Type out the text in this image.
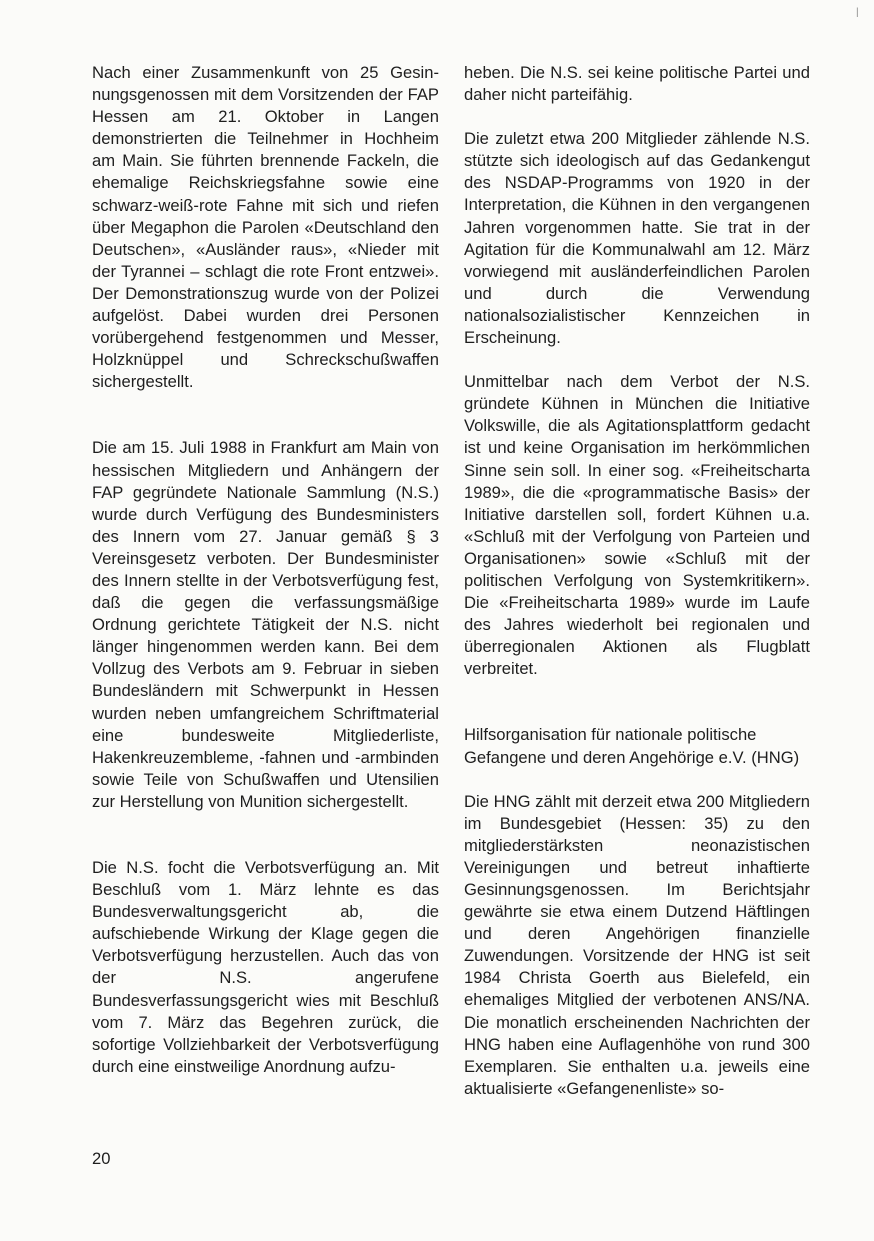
Nach einer Zusammenkunft von 25 Gesinnungsgenossen mit dem Vorsitzenden der FAP Hessen am 21. Oktober in Langen demonstrierten die Teilnehmer in Hochheim am Main. Sie führten brennende Fackeln, die ehemalige Reichskriegsfahne sowie eine schwarz-weiß-rote Fahne mit sich und riefen über Megaphon die Parolen «Deutschland den Deutschen», «Ausländer raus», «Nieder mit der Tyrannei – schlagt die rote Front entzwei». Der Demonstrationszug wurde von der Polizei aufgelöst. Dabei wurden drei Personen vorübergehend festgenommen und Messer, Holzknüppel und Schreckschußwaffen sichergestellt.

Die am 15. Juli 1988 in Frankfurt am Main von hessischen Mitgliedern und Anhängern der FAP gegründete Nationale Sammlung (N.S.) wurde durch Verfügung des Bundesministers des Innern vom 27. Januar gemäß § 3 Vereinsgesetz verboten. Der Bundesminister des Innern stellte in der Verbotsverfügung fest, daß die gegen die verfassungsmäßige Ordnung gerichtete Tätigkeit der N.S. nicht länger hingenommen werden kann. Bei dem Vollzug des Verbots am 9. Februar in sieben Bundesländern mit Schwerpunkt in Hessen wurden neben umfangreichem Schriftmaterial eine bundesweite Mitgliederliste, Hakenkreuzembleme, -fahnen und -armbinden sowie Teile von Schußwaffen und Utensilien zur Herstellung von Munition sichergestellt.

Die N.S. focht die Verbotsverfügung an. Mit Beschluß vom 1. März lehnte es das Bundesverwaltungsgericht ab, die aufschiebende Wirkung der Klage gegen die Verbotsverfügung herzustellen. Auch das von der N.S. angerufene Bundesverfassungsgericht wies mit Beschluß vom 7. März das Begehren zurück, die sofortige Vollziehbarkeit der Verbotsverfügung durch eine einstweilige Anordnung aufzu-

heben. Die N.S. sei keine politische Partei und daher nicht parteifähig.

Die zuletzt etwa 200 Mitglieder zählende N.S. stützte sich ideologisch auf das Gedankengut des NSDAP-Programms von 1920 in der Interpretation, die Kühnen in den vergangenen Jahren vorgenommen hatte. Sie trat in der Agitation für die Kommunalwahl am 12. März vorwiegend mit ausländerfeindlichen Parolen und durch die Verwendung nationalsozialistischer Kennzeichen in Erscheinung.

Unmittelbar nach dem Verbot der N.S. gründete Kühnen in München die Initiative Volkswille, die als Agitationsplattform gedacht ist und keine Organisation im herkömmlichen Sinne sein soll. In einer sog. «Freiheitscharta 1989», die die «programmatische Basis» der Initiative darstellen soll, fordert Kühnen u.a. «Schluß mit der Verfolgung von Parteien und Organisationen» sowie «Schluß mit der politischen Verfolgung von Systemkritikern». Die «Freiheitscharta 1989» wurde im Laufe des Jahres wiederholt bei regionalen und überregionalen Aktionen als Flugblatt verbreitet.

Hilfsorganisation für nationale politische Gefangene und deren Angehörige e.V. (HNG)

Die HNG zählt mit derzeit etwa 200 Mitgliedern im Bundesgebiet (Hessen: 35) zu den mitgliederstärksten neonazistischen Vereinigungen und betreut inhaftierte Gesinnungsgenossen. Im Berichtsjahr gewährte sie etwa einem Dutzend Häftlingen und deren Angehörigen finanzielle Zuwendungen. Vorsitzende der HNG ist seit 1984 Christa Goerth aus Bielefeld, ein ehemaliges Mitglied der verbotenen ANS/NA. Die monatlich erscheinenden Nachrichten der HNG haben eine Auflagenhöhe von rund 300 Exemplaren. Sie enthalten u.a. jeweils eine aktualisierte «Gefangenenliste» so-

20
|
